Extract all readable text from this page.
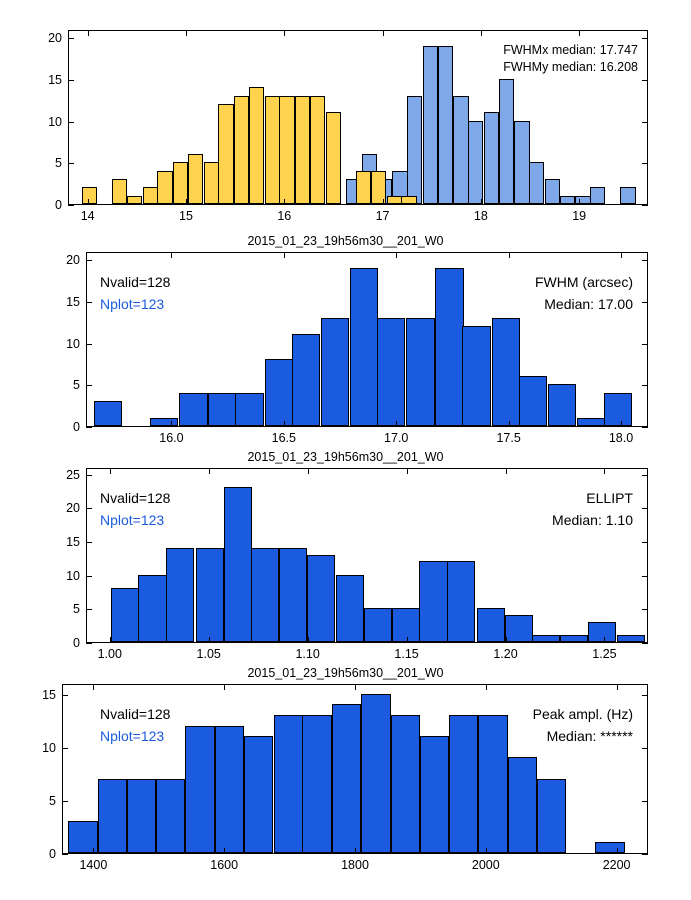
14	15	16	17	18	19
0
5
10
15
20
FWHMx median: 17.747
FWHMy median: 16.208
2015_01_23_19h56m30__201_W0
16.0	16.5	17.0	17.5	18.0
0
5
10
15
20
Nvalid=128
Nplot=123
FWHM (arcsec)
Median: 17.00
2015_01_23_19h56m30__201_W0
1.00	1.05	1.10	1.15	1.20	1.25
0
5
10
15
20
25
Nvalid=128
Nplot=123
ELLIPT
Median: 1.10
2015_01_23_19h56m30__201_W0
1400	1600	1800	2000	2200
0
5
10
15
Nvalid=128
Nplot=123
Peak ampl. (Hz)
Median: ******
